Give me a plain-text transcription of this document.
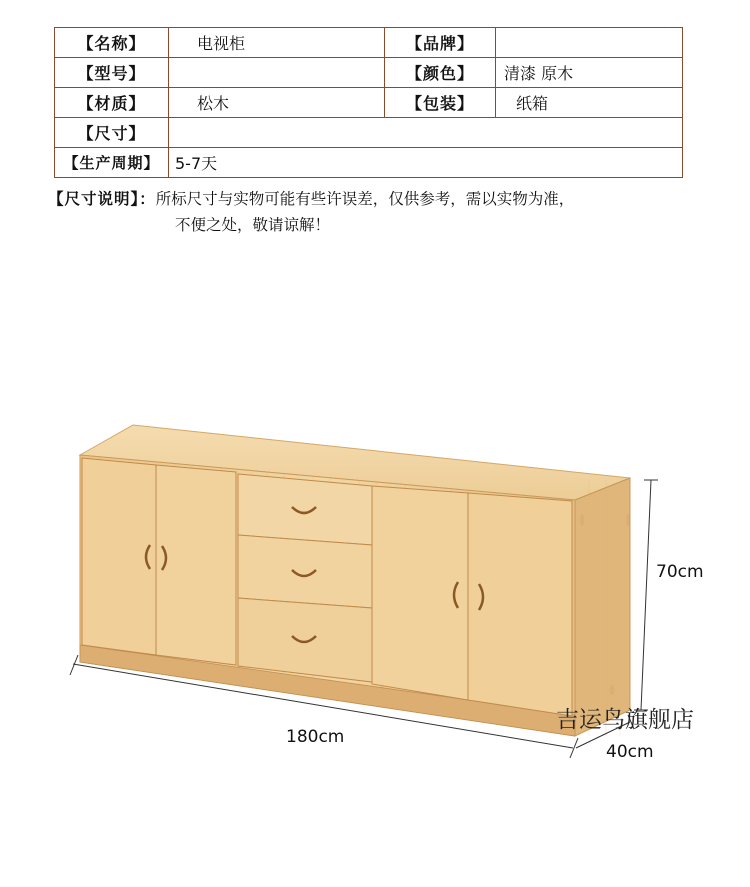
【名称】	电视柜	【品牌】	
【型号】		【颜色】	清漆 原木
【材质】	松木	【包装】	纸箱
【尺寸】			
【生产周期】	5-7天		
【尺寸说明】：所标尺寸与实物可能有些许误差，仅供参考，需以实物为准，
不便之处，敬请谅解！
70cm
180cm
40cm
吉运鸟旗舰店
